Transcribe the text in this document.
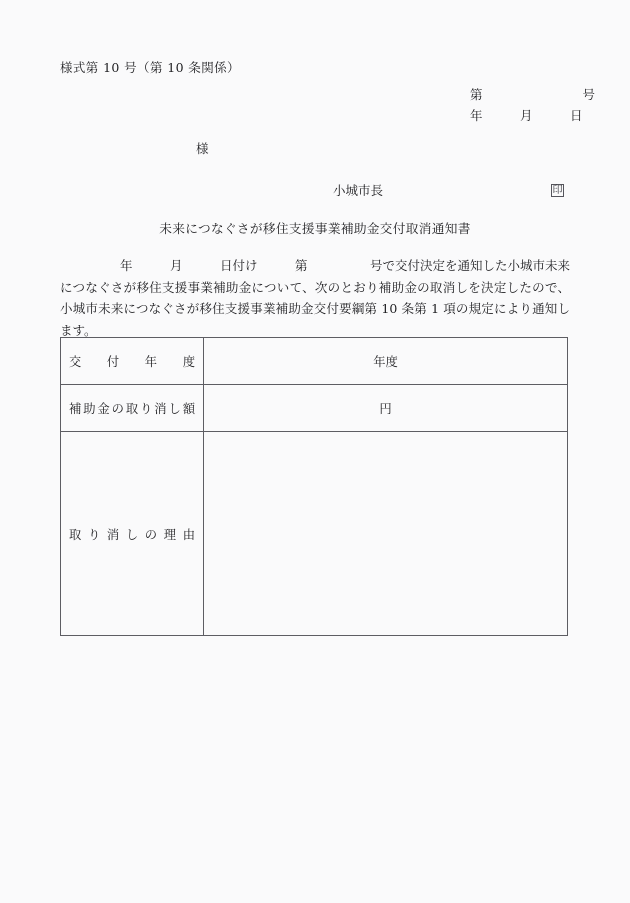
様式第 10 号（第 10 条関係）
第　　　　　　　　号
年　　　月　　　日
様
小城市長	印
未来につなぐさが移住支援事業補助金交付取消通知書
年　　　月　　　日付け　　　第　　　　　号で交付決定を通知した小城市未来につなぐさが移住支援事業補助金について、次のとおり補助金の取消しを決定したので、小城市未来につなぐさが移住支援事業補助金交付要綱第 10 条第 1 項の規定により通知します。
交付年度	年度

補助金の取り消し額	円

取り消しの理由	
